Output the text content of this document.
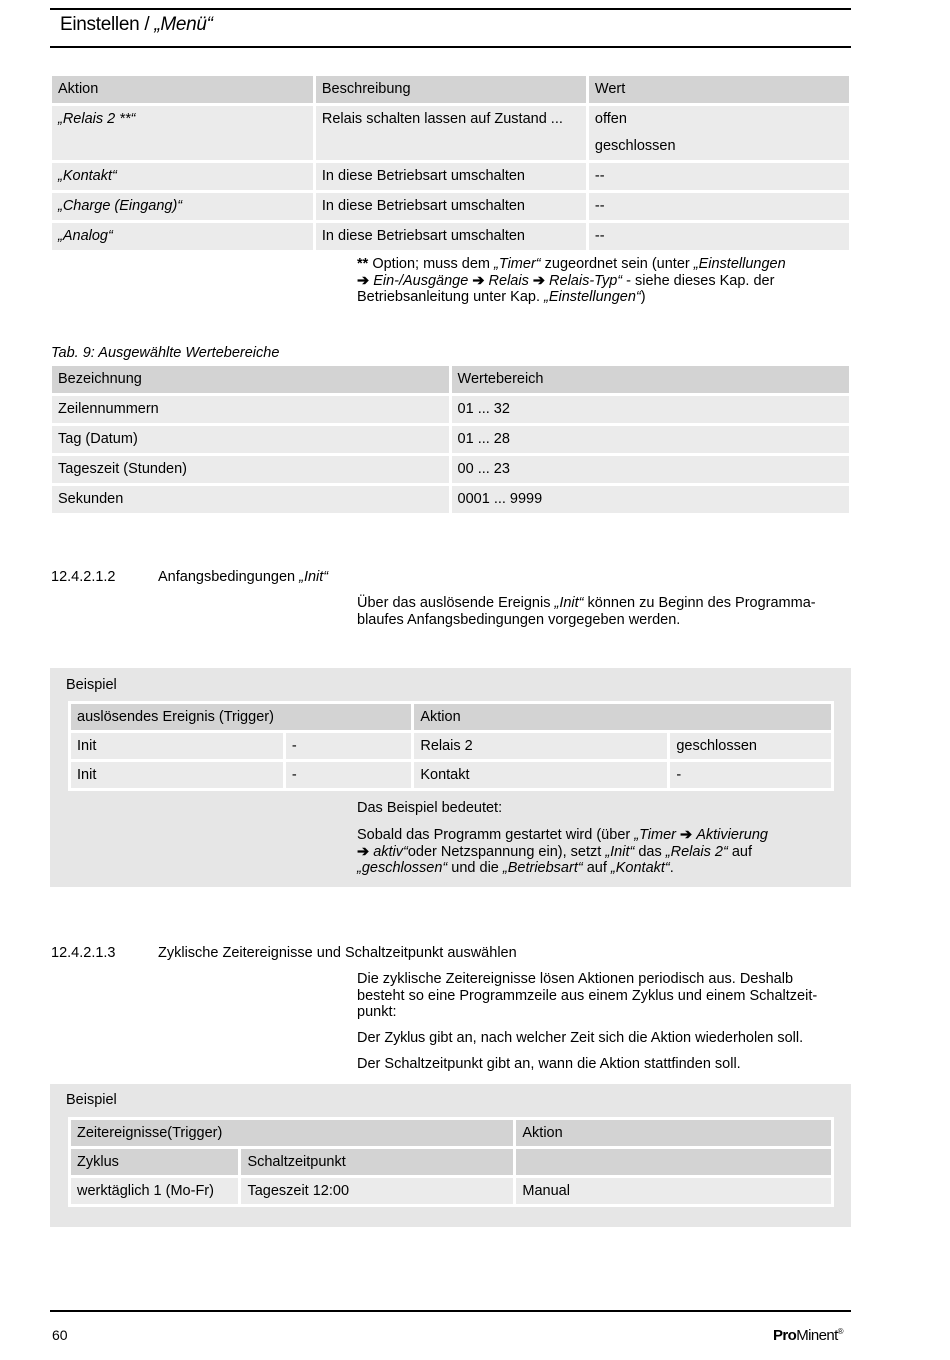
Einstellen / „Menü“
Aktion	Beschreibung	Wert
„Relais 2 **“	Relais schalten lassen auf Zustand ...	offen
geschlossen

„Kontakt“	In diese Betriebsart umschalten	--
„Charge (Eingang)“	In diese Betriebsart umschalten	--
„Analog“	In diese Betriebsart umschalten	--
** Option; muss dem „Timer“ zugeordnet sein (unter „Einstellungen
➔ Ein-/Ausgänge ➔ Relais ➔ Relais-Typ“ - siehe dieses Kap. der
Betriebsanleitung unter Kap. „Einstellungen“)
Tab. 9: Ausgewählte Wertebereiche
Bezeichnung	Wertebereich
Zeilennummern	01 ... 32
Tag (Datum)	01 ... 28
Tageszeit (Stunden)	00 ... 23
Sekunden	0001 ... 9999
12.4.2.1.2	Anfangsbedingungen „Init“
Über das auslösende Ereignis „Init“ können zu Beginn des Programma-
blaufes Anfangsbedingungen vorgegeben werden.
Beispiel
auslösendes Ereignis (Trigger)		Aktion	
Init	-	Relais 2	geschlossen
Init	-	Kontakt	-
Das Beispiel bedeutet:
Sobald das Programm gestartet wird (über „Timer ➔ Aktivierung
➔ aktiv“oder Netzspannung ein), setzt „Init“ das „Relais 2“ auf
„geschlossen“ und die „Betriebsart“ auf „Kontakt“.
12.4.2.1.3	Zyklische Zeitereignisse und Schaltzeitpunkt auswählen
Die zyklische Zeitereignisse lösen Aktionen periodisch aus. Deshalb
besteht so eine Programmzeile aus einem Zyklus und einem Schaltzeit-
punkt:
Der Zyklus gibt an, nach welcher Zeit sich die Aktion wiederholen soll.
Der Schaltzeitpunkt gibt an, wann die Aktion stattfinden soll.
Beispiel
Zeitereignisse(Trigger)		Aktion
Zyklus	Schaltzeitpunkt	
werktäglich 1 (Mo-Fr)	Tageszeit 12:00	Manual
60	ProMinent®
